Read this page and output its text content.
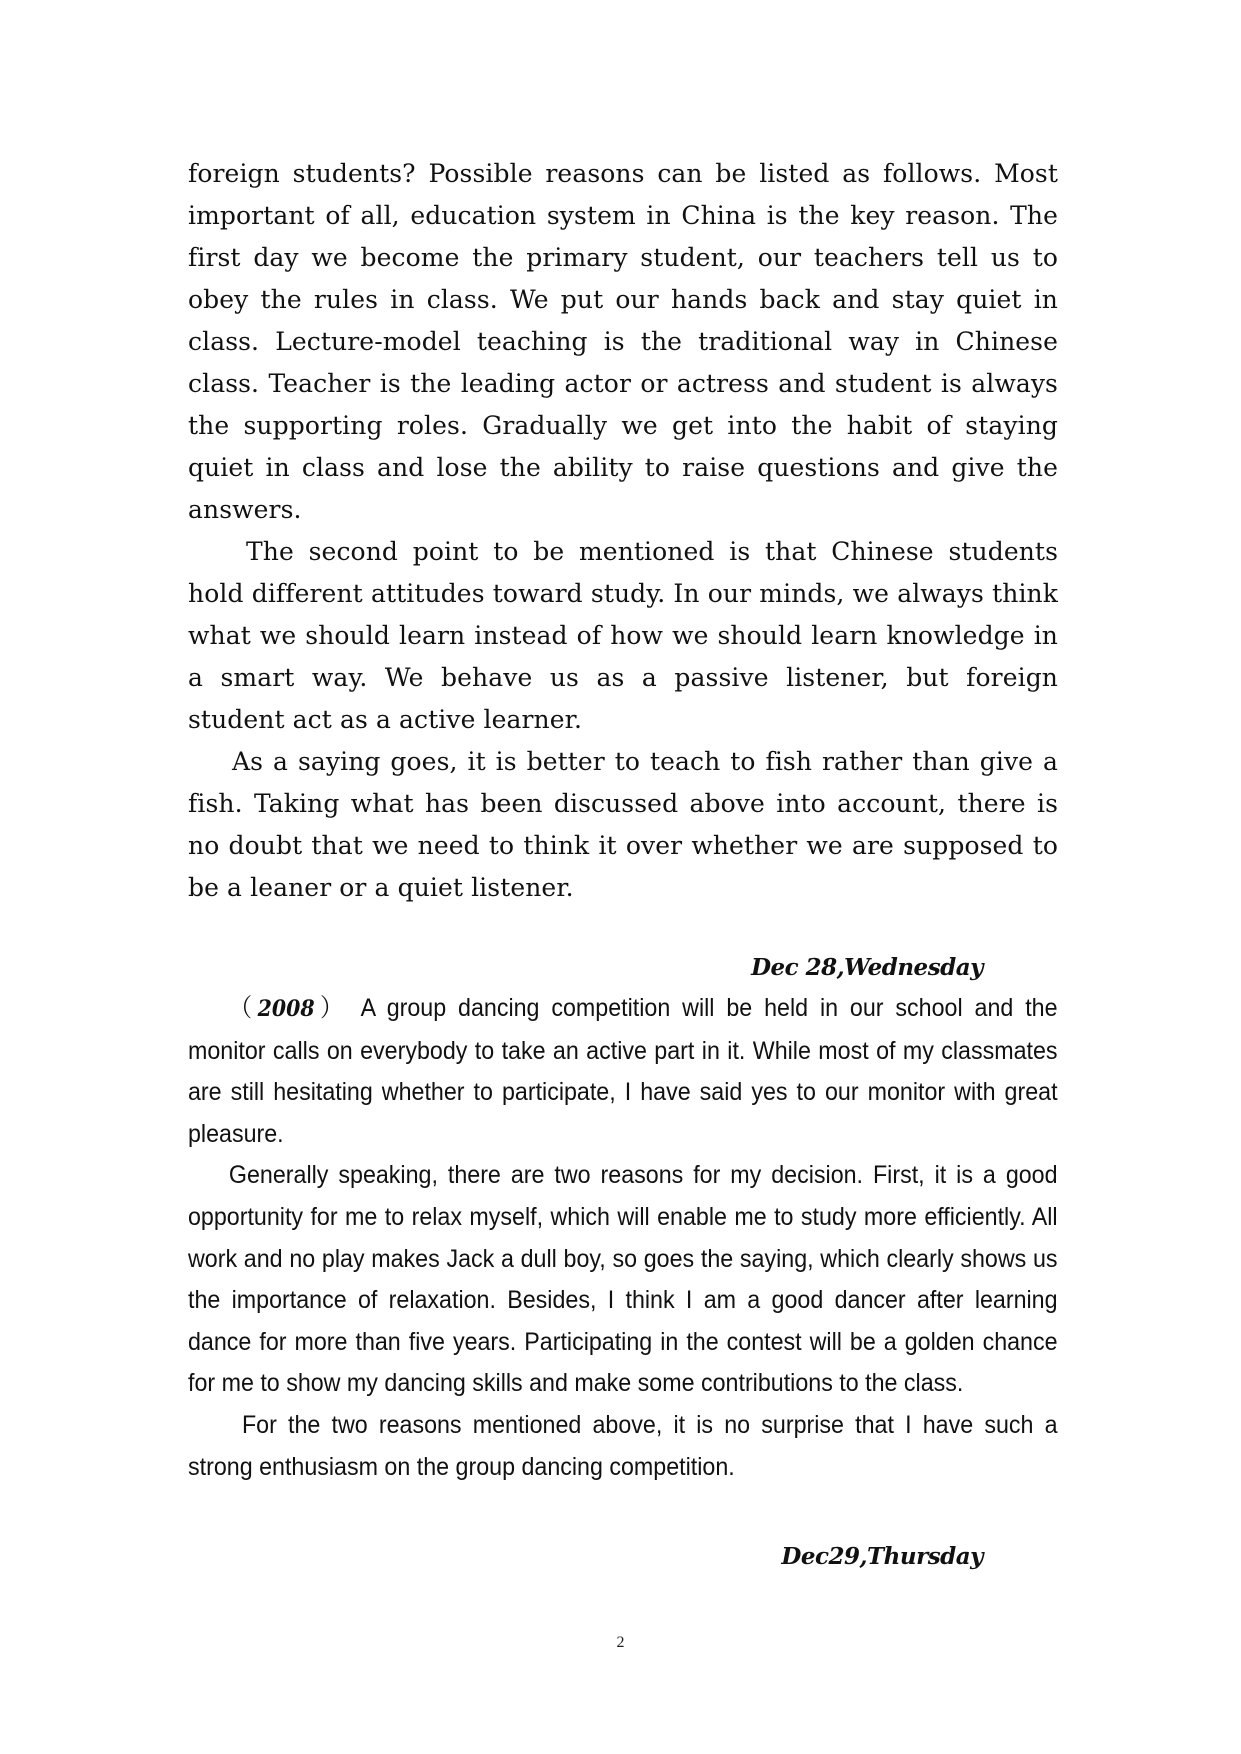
foreign students? Possible reasons can be listed as follows. Most important of all, education system in China is the key reason. The first day we become the primary student, our teachers tell us to obey the rules in class. We put our hands back and stay quiet in class. Lecture-model teaching is the traditional way in Chinese class. Teacher is the leading actor or actress and student is always the supporting roles. Gradually we get into the habit of staying quiet in class and lose the ability to raise questions and give the answers.

The second point to be mentioned is that Chinese students hold different attitudes toward study. In our minds, we always think what we should learn instead of how we should learn knowledge in a smart way. We behave us as a passive listener, but foreign student act as a active learner.

As a saying goes, it is better to teach to fish rather than give a fish. Taking what has been discussed above into account, there is no doubt that we need to think it over whether we are supposed to be a leaner or a quiet listener.

Dec 28,Wednesday

（2008） A group dancing competition will be held in our school and the monitor calls on everybody to take an active part in it. While most of my classmates are still hesitating whether to participate, I have said yes to our monitor with great pleasure.

Generally speaking, there are two reasons for my decision. First, it is a good opportunity for me to relax myself, which will enable me to study more efficiently. All work and no play makes Jack a dull boy, so goes the saying, which clearly shows us the importance of relaxation. Besides, I think I am a good dancer after learning dance for more than five years. Participating in the contest will be a golden chance for me to show my dancing skills and make some contributions to the class.

For the two reasons mentioned above, it is no surprise that I have such a strong enthusiasm on the group dancing competition.

Dec29,Thursday
2
